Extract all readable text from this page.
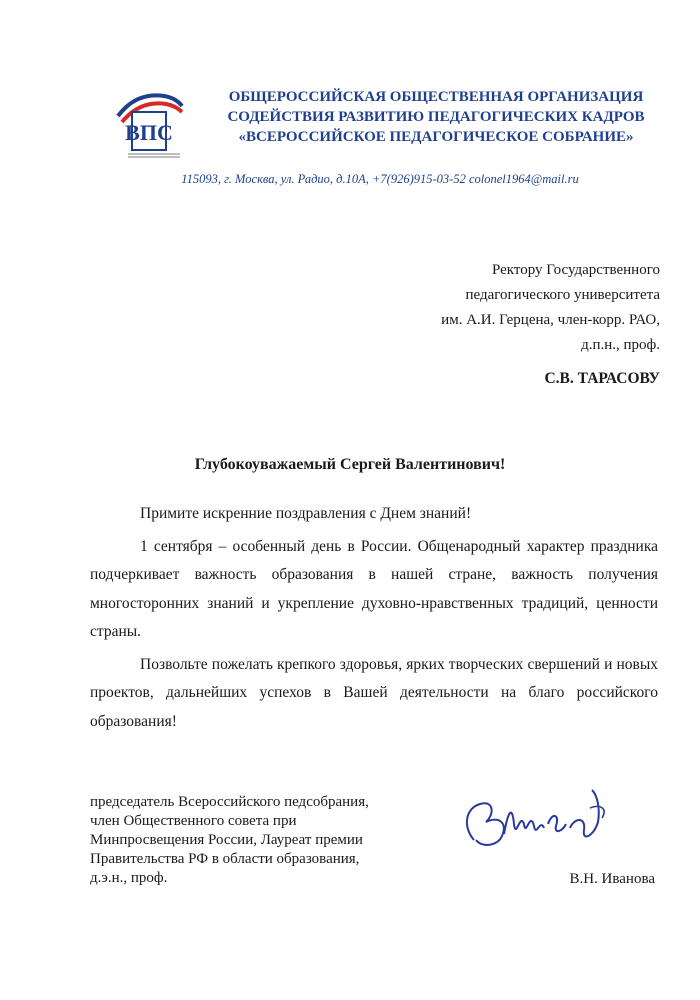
ВПС
ОБЩЕРОССИЙСКАЯ ОБЩЕСТВЕННАЯ ОРГАНИЗАЦИЯ
СОДЕЙСТВИЯ РАЗВИТИЮ ПЕДАГОГИЧЕСКИХ КАДРОВ
«ВСЕРОССИЙСКОЕ ПЕДАГОГИЧЕСКОЕ СОБРАНИЕ»
115093, г. Москва, ул. Радио, д.10А, +7(926)915-03-52 colonel1964@mail.ru
Ректору Государственного
педагогического университета
им. А.И. Герцена, член-корр. РАО,
д.п.н., проф.
С.В. ТАРАСОВУ
Глубокоуважаемый Сергей Валентинович!

Примите искренние поздравления с Днем знаний!

1 сентября – особенный день в России. Общенародный характер праздника подчеркивает важность образования в нашей стране, важность получения многосторонних знаний и укрепление духовно-нравственных традиций, ценности страны.

Позвольте пожелать крепкого здоровья, ярких творческих свершений и новых проектов, дальнейших успехов в Вашей деятельности на благо российского образования!

председатель Всероссийского педсобрания,
член Общественного совета при
Минпросвещения России, Лауреат премии
Правительства РФ в области образования,
д.э.н., проф.	В.Н. Иванова
